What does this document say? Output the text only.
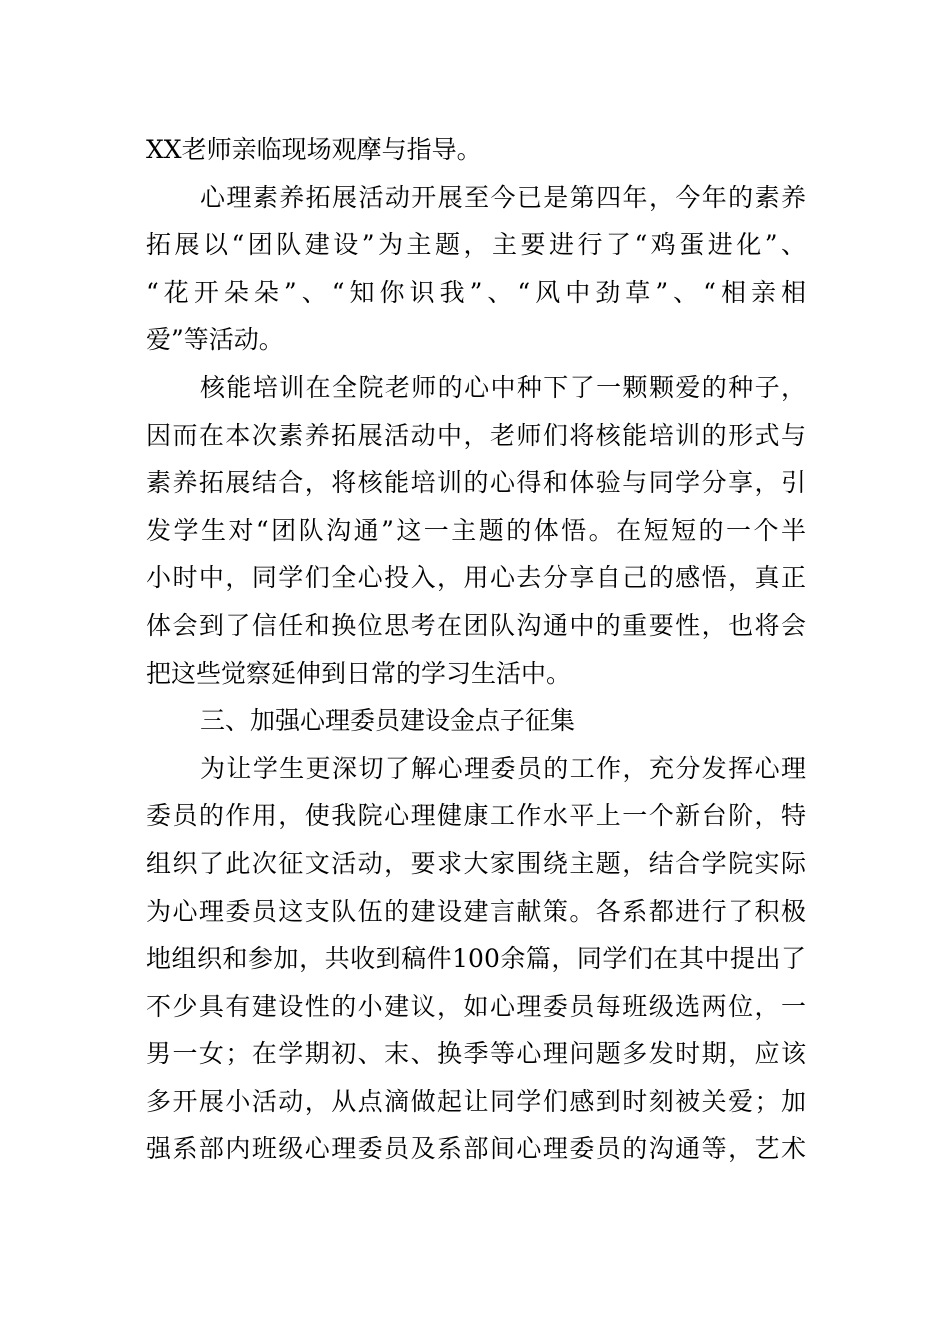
XX老师亲临现场观摩与指导。
心理素养拓展活动开展至今已是第四年，今年的素养
拓展以“团队建设”为主题，主要进行了“鸡蛋进化”、
“花开朵朵”、“知你识我”、“风中劲草”、“相亲相
爱”等活动。
核能培训在全院老师的心中种下了一颗颗爱的种子，
因而在本次素养拓展活动中，老师们将核能培训的形式与
素养拓展结合，将核能培训的心得和体验与同学分享，引
发学生对“团队沟通”这一主题的体悟。在短短的一个半
小时中，同学们全心投入，用心去分享自己的感悟，真正
体会到了信任和换位思考在团队沟通中的重要性，也将会
把这些觉察延伸到日常的学习生活中。
三、加强心理委员建设金点子征集
为让学生更深切了解心理委员的工作，充分发挥心理
委员的作用，使我院心理健康工作水平上一个新台阶，特
组织了此次征文活动，要求大家围绕主题，结合学院实际
为心理委员这支队伍的建设建言献策。各系都进行了积极
地组织和参加，共收到稿件100余篇，同学们在其中提出了
不少具有建设性的小建议，如心理委员每班级选两位，一
男一女；在学期初、末、换季等心理问题多发时期，应该
多开展小活动，从点滴做起让同学们感到时刻被关爱；加
强系部内班级心理委员及系部间心理委员的沟通等，艺术
